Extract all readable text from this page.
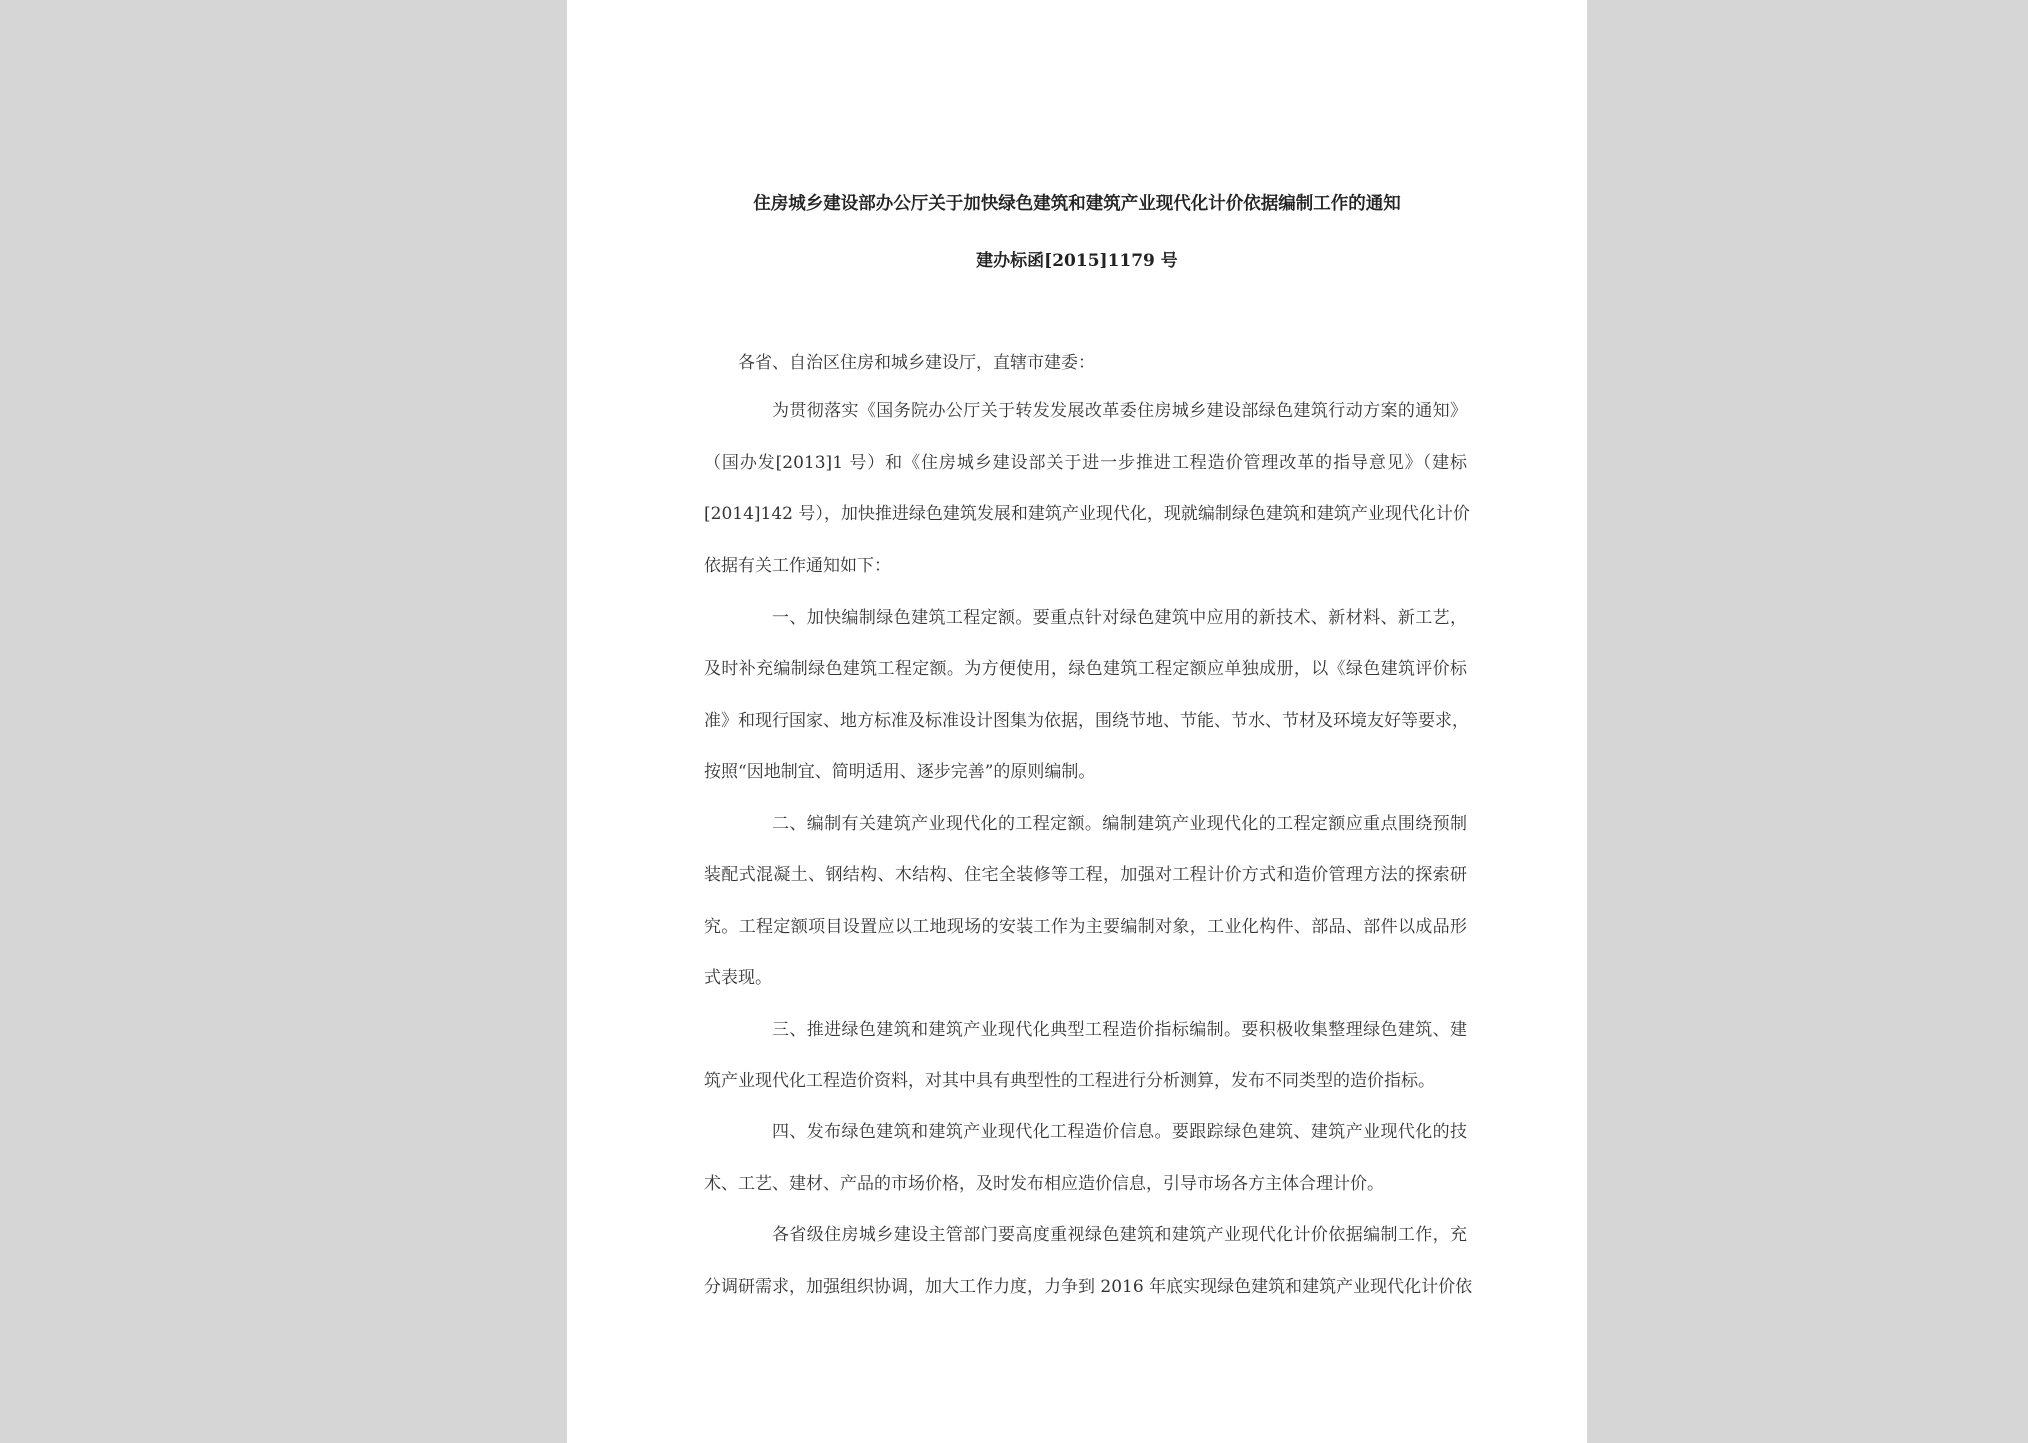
住房城乡建设部办公厅关于加快绿色建筑和建筑产业现代化计价依据编制工作的通知
建办标函[2015]1179 号
各省、自治区住房和城乡建设厅，直辖市建委：
为贯彻落实《国务院办公厅关于转发发展改革委住房城乡建设部绿色建筑行动方案的通知》
（国办发[2013]1 号）和《住房城乡建设部关于进一步推进工程造价管理改革的指导意见》（建标
[2014]142 号），加快推进绿色建筑发展和建筑产业现代化，现就编制绿色建筑和建筑产业现代化计价
依据有关工作通知如下：
一、加快编制绿色建筑工程定额。要重点针对绿色建筑中应用的新技术、新材料、新工艺，
及时补充编制绿色建筑工程定额。为方便使用，绿色建筑工程定额应单独成册，以《绿色建筑评价标
准》和现行国家、地方标准及标准设计图集为依据，围绕节地、节能、节水、节材及环境友好等要求，
按照“因地制宜、简明适用、逐步完善”的原则编制。
二、编制有关建筑产业现代化的工程定额。编制建筑产业现代化的工程定额应重点围绕预制
装配式混凝土、钢结构、木结构、住宅全装修等工程，加强对工程计价方式和造价管理方法的探索研
究。工程定额项目设置应以工地现场的安装工作为主要编制对象，工业化构件、部品、部件以成品形
式表现。
三、推进绿色建筑和建筑产业现代化典型工程造价指标编制。要积极收集整理绿色建筑、建
筑产业现代化工程造价资料，对其中具有典型性的工程进行分析测算，发布不同类型的造价指标。
四、发布绿色建筑和建筑产业现代化工程造价信息。要跟踪绿色建筑、建筑产业现代化的技
术、工艺、建材、产品的市场价格，及时发布相应造价信息，引导市场各方主体合理计价。
各省级住房城乡建设主管部门要高度重视绿色建筑和建筑产业现代化计价依据编制工作，充
分调研需求，加强组织协调，加大工作力度，力争到 2016 年底实现绿色建筑和建筑产业现代化计价依
